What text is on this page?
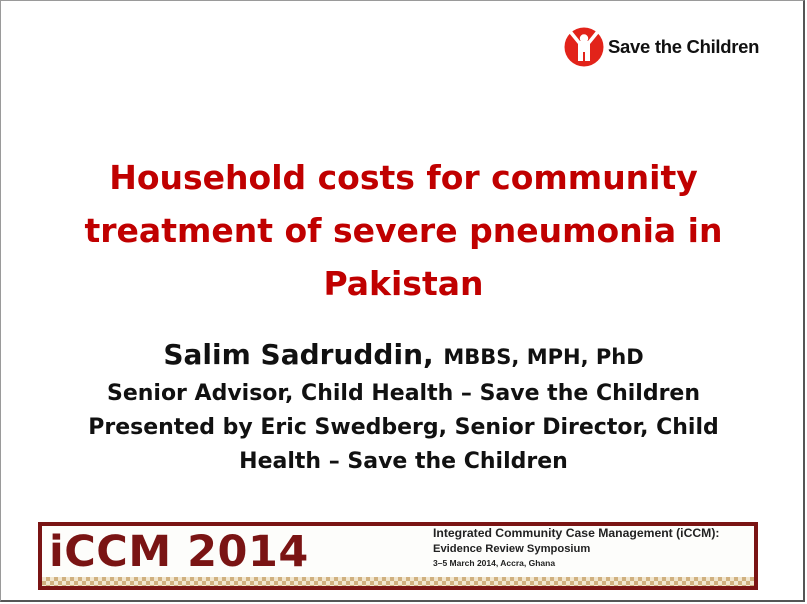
Save the Children
Household costs for community
treatment of severe pneumonia in
Pakistan
Salim Sadruddin, MBBS, MPH, PhD
Senior Advisor, Child Health – Save the Children
Presented by Eric Swedberg, Senior Director, Child
Health – Save the Children
iCCM 2014	Integrated Community Case Management (iCCM):
Evidence Review Symposium
3–5 March 2014, Accra, Ghana
